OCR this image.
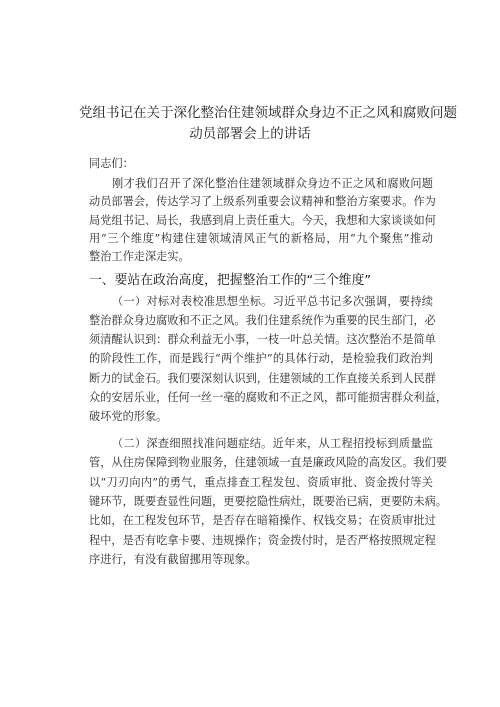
党组书记在关于深化整治住建领域群众身边不正之风和腐败问题
动员部署会上的讲话
同志们：
刚才我们召开了深化整治住建领域群众身边不正之风和腐败问题
动员部署会，传达学习了上级系列重要会议精神和整治方案要求。作为
局党组书记、局长，我感到肩上责任重大。今天，我想和大家谈谈如何
一、要站在政治高度，把握整治工作的“三个维度”
（一）对标对表校准思想坐标。习近平总书记多次强调，要持续
整治群众身边腐败和不正之风。我们住建系统作为重要的民生部门，必
须清醒认识到：群众利益无小事，一枝一叶总关情。这次整治不是简单
的阶段性工作，而是践行“两个维护”的具体行动，是检验我们政治判
断力的试金石。我们要深刻认识到，住建领域的工作直接关系到人民群
众的安居乐业，任何一丝一毫的腐败和不正之风，都可能损害群众利益，
破坏党的形象。
（二）深查细照找准问题症结。近年来，从工程招投标到质量监
管，从住房保障到物业服务，住建领域一直是廉政风险的高发区。我们要
以“刀刃向内”的勇气，重点排查工程发包、资质审批、资金拨付等关
键环节，既要查显性问题，更要挖隐性病灶，既要治已病，更要防未病。
比如，在工程发包环节，是否存在暗箱操作、权钱交易；在资质审批过
程中，是否有吃拿卡要、违规操作；资金拨付时，是否严格按照规定程
序进行，有没有截留挪用等现象。
用“三个维度”构建住建领域清风正气的新格局，用“九个聚焦”推动
整治工作走深走实。
